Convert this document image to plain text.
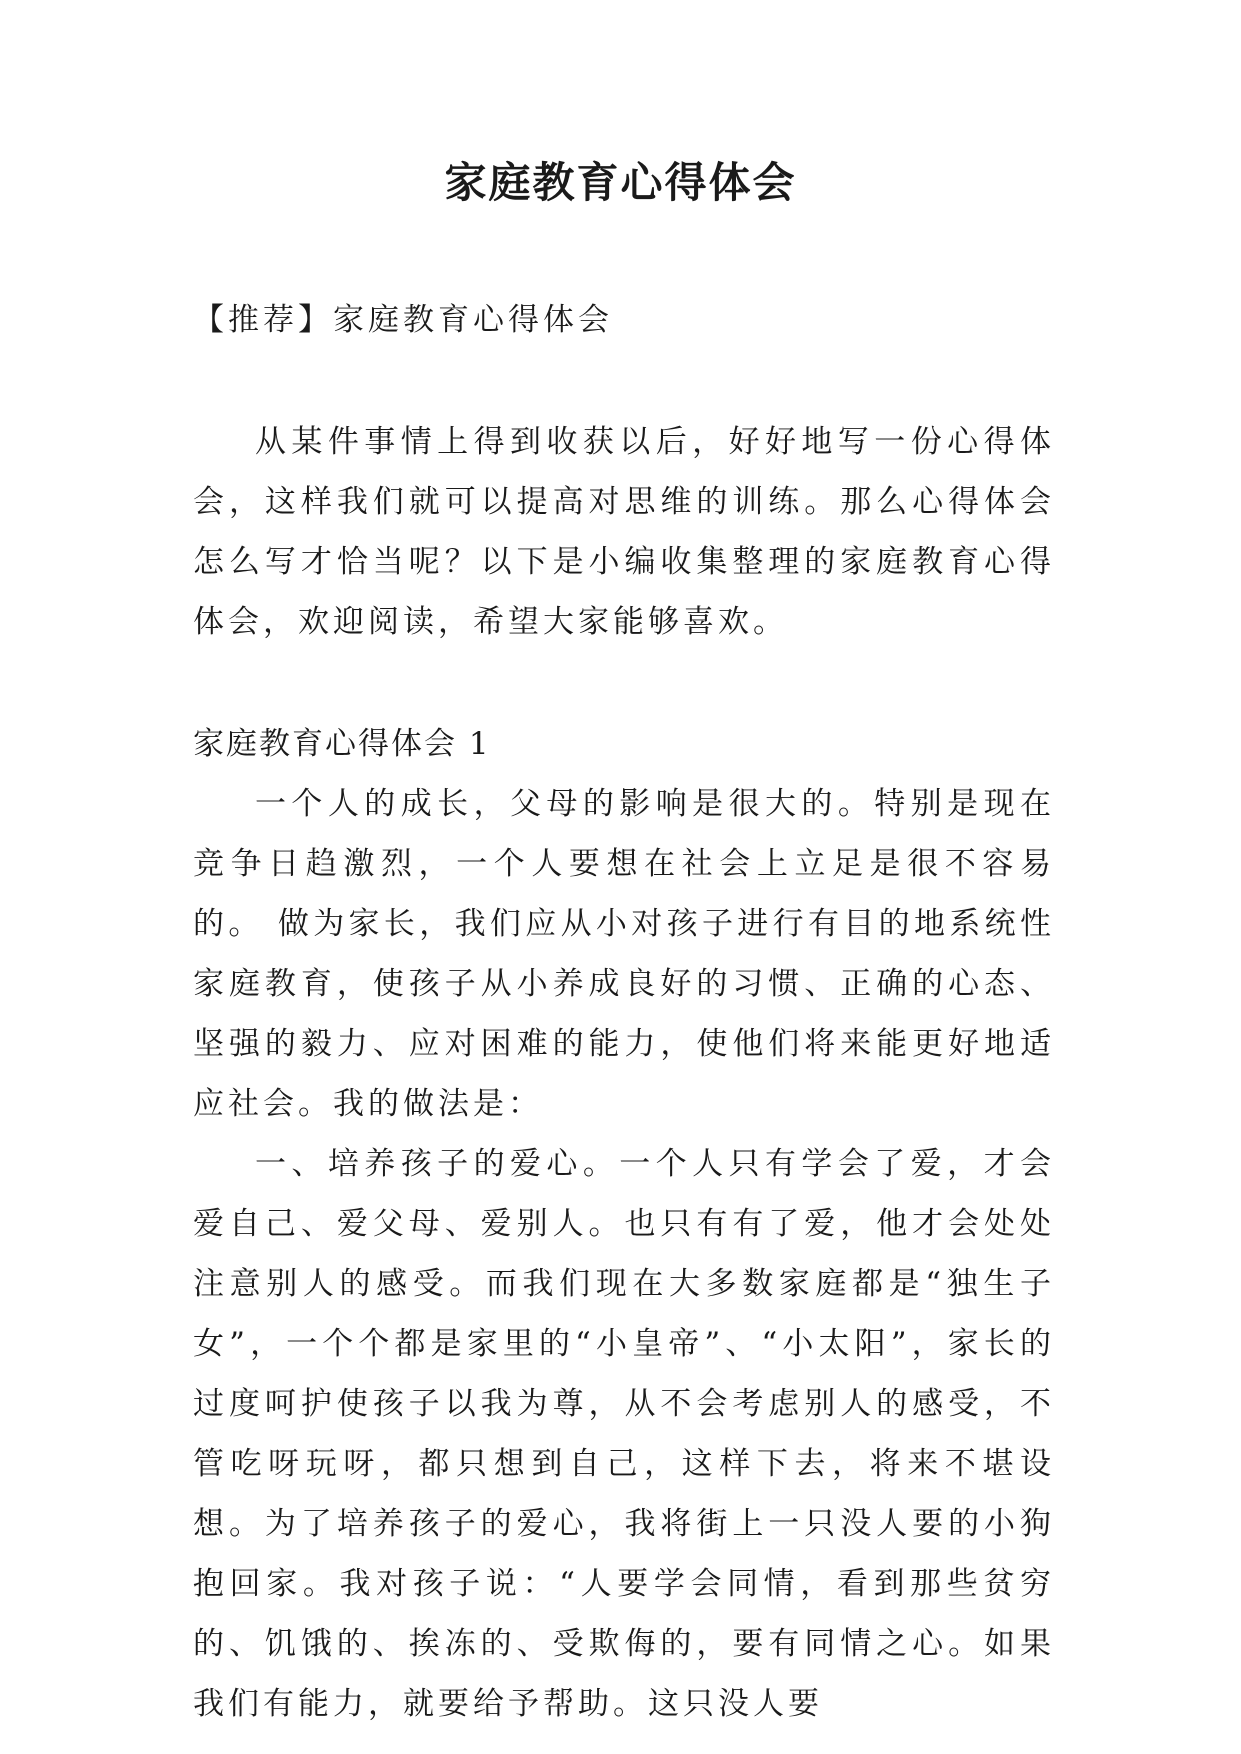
家庭教育心得体会

【推荐】家庭教育心得体会

从某件事情上得到收获以后，好好地写一份心得体会，这样我们就可以提高对思维的训练。那么心得体会怎么写才恰当呢？以下是小编收集整理的家庭教育心得体会，欢迎阅读，希望大家能够喜欢。

家庭教育心得体会 1

一个人的成长，父母的影响是很大的。特别是现在竞争日趋激烈，一个人要想在社会上立足是很不容易的。 做为家长，我们应从小对孩子进行有目的地系统性家庭教育，使孩子从小养成良好的习惯、正确的心态、坚强的毅力、应对困难的能力，使他们将来能更好地适应社会。我的做法是：

一、培养孩子的爱心。一个人只有学会了爱，才会爱自己、爱父母、爱别人。也只有有了爱，他才会处处注意别人的感受。而我们现在大多数家庭都是“独生子女”，一个个都是家里的“小皇帝”、“小太阳”，家长的过度呵护使孩子以我为尊，从不会考虑别人的感受，不管吃呀玩呀，都只想到自己，这样下去，将来不堪设想。为了培养孩子的爱心，我将街上一只没人要的小狗抱回家。我对孩子说：“人要学会同情，看到那些贫穷的、饥饿的、挨冻的、受欺侮的，要有同情之心。如果我们有能力，就要给予帮助。这只没人要
